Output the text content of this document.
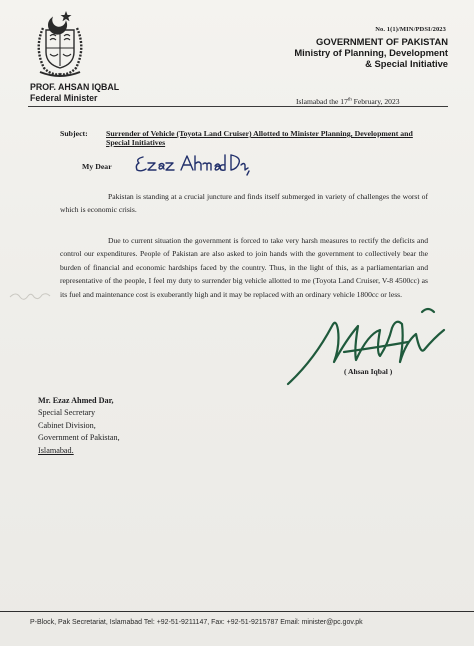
No. 1(1)/MIN/PDSI/2023
GOVERNMENT OF PAKISTAN
Ministry of Planning, Development
& Special Initiative
PROF. AHSAN IQBAL
Federal Minister	Islamabad the 17th February, 2023
Subject: Surrender of Vehicle (Toyota Land Cruiser) Allotted to Minister Planning, Development and Special Initiatives
My Dear

Pakistan is standing at a crucial juncture and finds itself submerged in variety of challenges the worst of which is economic crisis.

Due to current situation the government is forced to take very harsh measures to rectify the deficits and control our expenditures. People of Pakistan are also asked to join hands with the government to collectively bear the burden of financial and economic hardships faced by the country. Thus, in the light of this, as a parliamentarian and representative of the people, I feel my duty to surrender big vehicle allotted to me (Toyota Land Cruiser, V-8 4500cc) as its fuel and maintenance cost is exuberantly high and it may be replaced with an ordinary vehicle 1800cc or less.

( Ahsan Iqbal )
Mr. Ezaz Ahmed Dar,
Special Secretary
Cabinet Division,
Government of Pakistan,
Islamabad.
P-Block, Pak Secretariat, Islamabad Tel: +92-51-9211147, Fax: +92-51-9215787 Email: minister@pc.gov.pk
